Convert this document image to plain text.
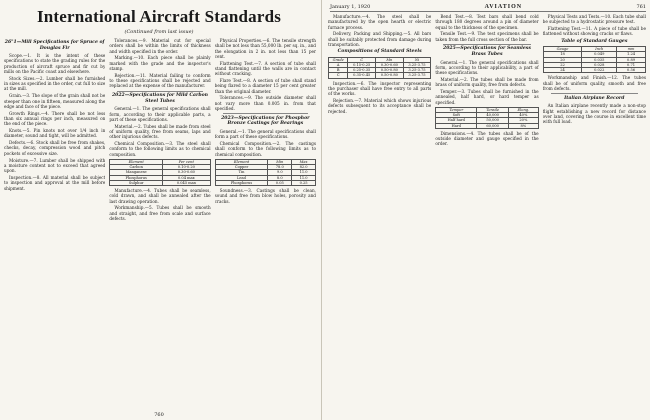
International Aircraft Standards
(Continued from last issue)
26"1—Mill Specifications for Spruce of Douglas Fir

Scope.—1. It is the intent of these specifications to state the grading rules for the production of aircraft spruce and fir cut by mills on the Pacific coast and elsewhere.

Stock Sizes.—2. Lumber shall be furnished in sizes as specified in the order, cut full to size at the mill.

Grain.—3. The slope of the grain shall not be steeper than one in fifteen, measured along the edge and face of the piece.

Growth Rings.—4. There shall be not less than six annual rings per inch, measured on the end of the piece.

Knots.—5. Pin knots not over 1/4 inch in diameter, sound and tight, will be admitted.

Defects.—6. Stock shall be free from shakes, checks, decay, compression wood and pitch pockets of excessive size.

Moisture.—7. Lumber shall be shipped with a moisture content not to exceed that agreed upon.

Inspection.—8. All material shall be subject to inspection and approval at the mill before shipment.

Tolerances.—9. Material cut for special orders shall be within the limits of thickness and width specified in the order.

Marking.—10. Each piece shall be plainly marked with the grade and the inspector's stamp.

Rejection.—11. Material failing to conform to these specifications shall be rejected and replaced at the expense of the manufacturer.

2022—Specifications for Mild Carbon Steel Tubes

General.—1. The general specifications shall form, according to their applicable parts, a part of these specifications.

Material.—2. Tubes shall be made from steel of uniform quality, free from seams, laps and other injurious defects.

Chemical Composition.—3. The steel shall conform to the following limits as to chemical composition.

Element	Per cent
Carbon	0.10-0.20
Manganese	0.30-0.60
Phosphorus	0.04 max
Sulphur	0.045 max

Manufacture.—4. Tubes shall be seamless, cold drawn, and shall be annealed after the last drawing operation.

Workmanship.—5. Tubes shall be smooth and straight, and free from scale and surface defects.

Physical Properties.—6. The tensile strength shall be not less than 55,000 lb. per sq. in., and the elongation in 2 in. not less than 15 per cent.

Flattening Test.—7. A section of tube shall stand flattening until the walls are in contact without cracking.

Flare Test.—8. A section of tube shall stand being flared to a diameter 15 per cent greater than the original diameter.

Tolerances.—9. The outside diameter shall not vary more than 0.005 in. from that specified.

2023—Specifications for Phosphor Bronze Castings for Bearings

General.—1. The general specifications shall form a part of these specifications.

Chemical Composition.—2. The castings shall conform to the following limits as to chemical composition.

Element	Min	Max
Copper	78.0	82.0
Tin	9.0	11.0
Lead	8.0	11.0
Phosphorus	0.05	0.25

Soundness.—3. Castings shall be clean, sound and free from blow holes, porosity and cracks.

760
January 1, 1920	AVIATION	761

Manufacture.—4. The steel shall be manufactured by the open hearth or electric furnace process.

Delivery, Packing and Shipping.—5. All bars shall be suitably protected from damage during transportation.

Compositions of Standard Steels
Grade	C	Mn	Ni
A	0.15-0.25	0.30-0.60	3.25-3.75
B	0.25-0.35	0.50-0.80	3.25-3.75
C	0.35-0.45	0.50-0.80	3.25-3.75

Inspection.—6. The inspector representing the purchaser shall have free entry to all parts of the works.

Rejection.—7. Material which shows injurious defects subsequent to its acceptance shall be rejected.

Bend Test.—8. Test bars shall bend cold through 180 degrees around a pin of diameter equal to the thickness of the specimen.

Tensile Test.—9. The test specimens shall be taken from the full cross section of the bar.

2025—Specifications for Seamless Brass Tubes

General.—1. The general specifications shall form, according to their applicability, a part of these specifications.

Material.—2. The tubes shall be made from brass of uniform quality, free from defects.

Temper.—3. Tubes shall be furnished in the annealed, half hard, or hard temper as specified.

Temper	Tensile	Elong.
Soft	40,000	40%
Half hard	50,000	20%
Hard	60,000	8%

Dimensions.—4. The tubes shall be of the outside diameter and gauge specified in the order.

Physical Tests and Tests.—10. Each tube shall be subjected to a hydrostatic pressure test.

Flattening Test.—11. A piece of tube shall be flattened without showing cracks or flaws.

Table of Standard Gauges
Gauge	Inch	mm
18	0.049	1.24
20	0.035	0.89
22	0.028	0.71
24	0.022	0.56

Workmanship and Finish.—12. The tubes shall be of uniform quality, smooth and free from defects.

Italian Airplane Record

An Italian airplane recently made a non-stop flight establishing a new record for distance over land, covering the course in excellent time with full load.
